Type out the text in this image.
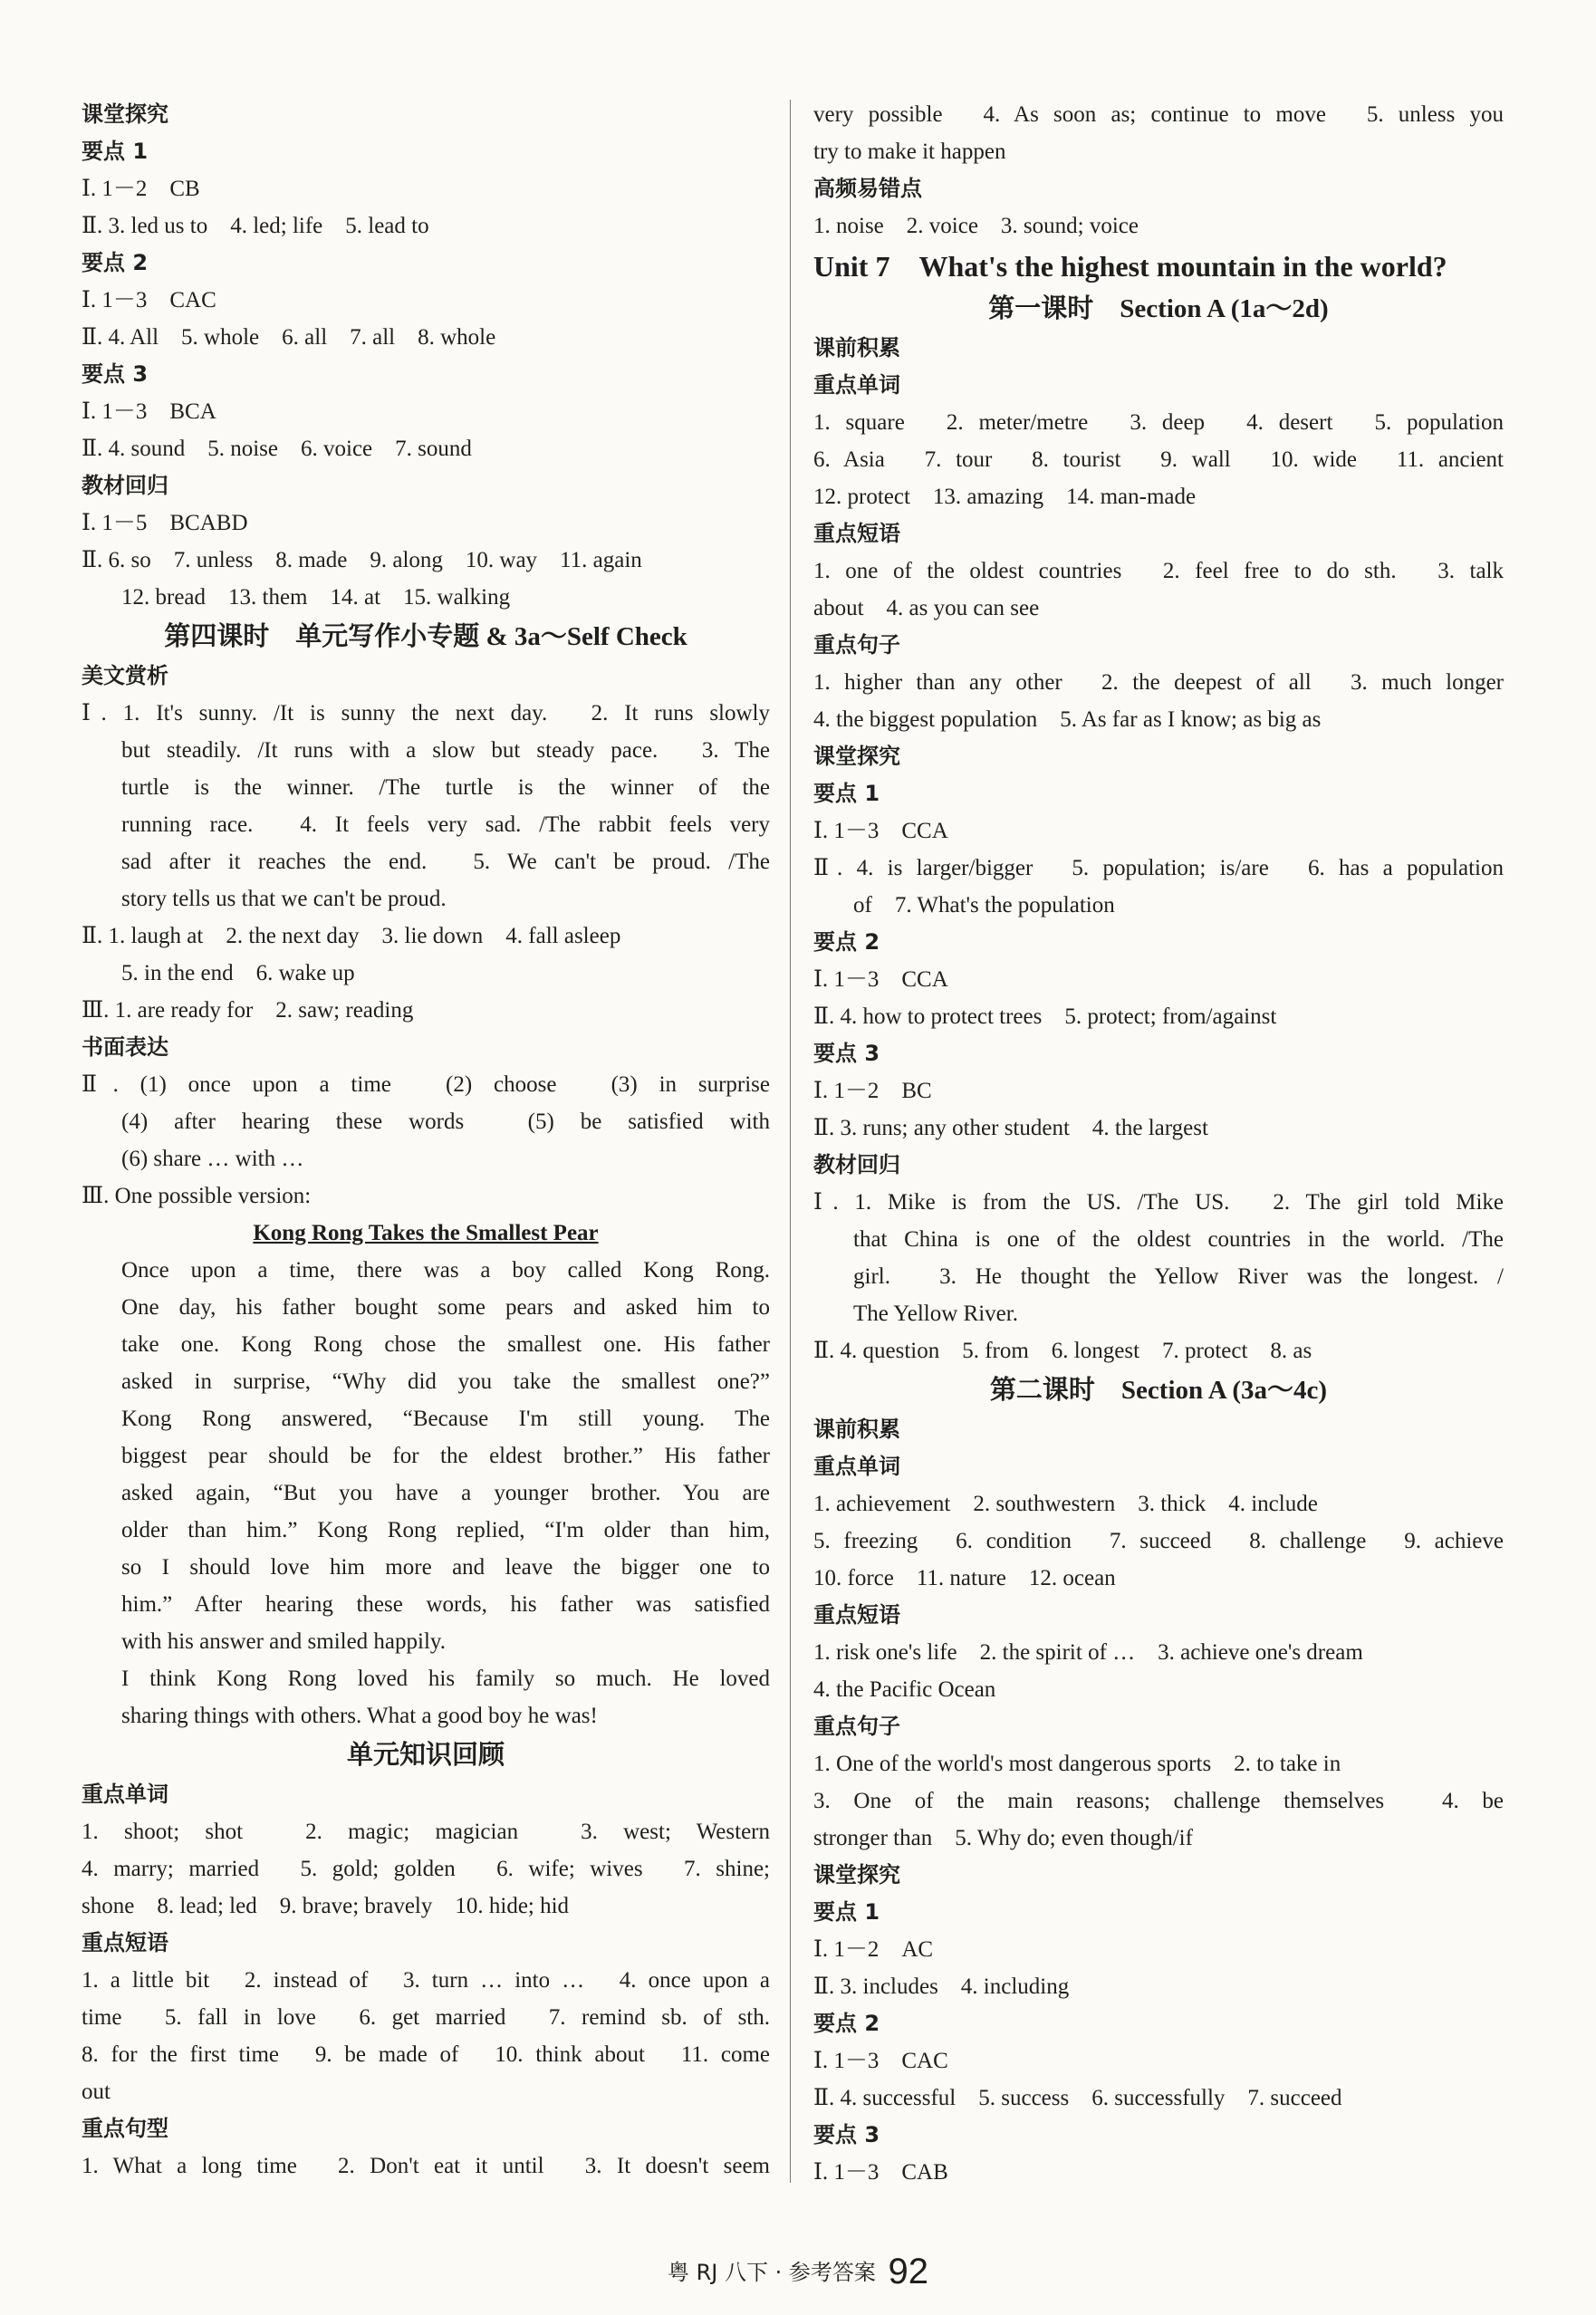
课堂探究
要点 1
Ⅰ. 1－2　CB
Ⅱ. 3. led us to　4. led; life　5. lead to
要点 2
Ⅰ. 1－3　CAC
Ⅱ. 4. All　5. whole　6. all　7. all　8. whole
要点 3
Ⅰ. 1－3　BCA
Ⅱ. 4. sound　5. noise　6. voice　7. sound
教材回归
Ⅰ. 1－5　BCABD
Ⅱ. 6. so　7. unless　8. made　9. along　10. way　11. again
12. bread　13. them　14. at　15. walking
第四课时　单元写作小专题 & 3a～Self Check
美文赏析
Ⅰ. 1. It's sunny. /It is sunny the next day.　2. It runs slowly
but steadily. /It runs with a slow but steady pace.　3. The
turtle is the winner. /The turtle is the winner of the
running race.　4. It feels very sad. /The rabbit feels very
sad after it reaches the end.　5. We can't be proud. /The
story tells us that we can't be proud.
Ⅱ. 1. laugh at　2. the next day　3. lie down　4. fall asleep
5. in the end　6. wake up
Ⅲ. 1. are ready for　2. saw; reading
书面表达
Ⅱ. (1) once upon a time　(2) choose　(3) in surprise
(4) after hearing these words　(5) be satisfied with
(6) share … with …
Ⅲ. One possible version:
Kong Rong Takes the Smallest Pear
Once upon a time, there was a boy called Kong Rong.
One day, his father bought some pears and asked him to
take one. Kong Rong chose the smallest one. His father
asked in surprise, “Why did you take the smallest one?”
Kong Rong answered, “Because I'm still young. The
biggest pear should be for the eldest brother.” His father
asked again, “But you have a younger brother. You are
older than him.” Kong Rong replied, “I'm older than him,
so I should love him more and leave the bigger one to
him.” After hearing these words, his father was satisfied
with his answer and smiled happily.
I think Kong Rong loved his family so much. He loved
sharing things with others. What a good boy he was!
单元知识回顾
重点单词
1. shoot; shot　2. magic; magician　3. west; Western
4. marry; married　5. gold; golden　6. wife; wives　7. shine;
shone　8. lead; led　9. brave; bravely　10. hide; hid
重点短语
1. a little bit　2. instead of　3. turn … into …　4. once upon a
time　5. fall in love　6. get married　7. remind sb. of sth.
8. for the first time　9. be made of　10. think about　11. come
out
重点句型
1. What a long time　2. Don't eat it until　3. It doesn't seem
very possible　4. As soon as; continue to move　5. unless you
try to make it happen
高频易错点
1. noise　2. voice　3. sound; voice
Unit 7　What's the highest mountain in the world?
第一课时　Section A (1a～2d)
课前积累
重点单词
1. square　2. meter/metre　3. deep　4. desert　5. population
6. Asia　7. tour　8. tourist　9. wall　10. wide　11. ancient
12. protect　13. amazing　14. man-made
重点短语
1. one of the oldest countries　2. feel free to do sth.　3. talk
about　4. as you can see
重点句子
1. higher than any other　2. the deepest of all　3. much longer
4. the biggest population　5. As far as I know; as big as
课堂探究
要点 1
Ⅰ. 1－3　CCA
Ⅱ. 4. is larger/bigger　5. population; is/are　6. has a population
of　7. What's the population
要点 2
Ⅰ. 1－3　CCA
Ⅱ. 4. how to protect trees　5. protect; from/against
要点 3
Ⅰ. 1－2　BC
Ⅱ. 3. runs; any other student　4. the largest
教材回归
Ⅰ. 1. Mike is from the US. /The US.　2. The girl told Mike
that China is one of the oldest countries in the world. /The
girl.　3. He thought the Yellow River was the longest. /
The Yellow River.
Ⅱ. 4. question　5. from　6. longest　7. protect　8. as
第二课时　Section A (3a～4c)
课前积累
重点单词
1. achievement　2. southwestern　3. thick　4. include
5. freezing　6. condition　7. succeed　8. challenge　9. achieve
10. force　11. nature　12. ocean
重点短语
1. risk one's life　2. the spirit of …　3. achieve one's dream
4. the Pacific Ocean
重点句子
1. One of the world's most dangerous sports　2. to take in
3. One of the main reasons; challenge themselves　4. be
stronger than　5. Why do; even though/if
课堂探究
要点 1
Ⅰ. 1－2　AC
Ⅱ. 3. includes　4. including
要点 2
Ⅰ. 1－3　CAC
Ⅱ. 4. successful　5. success　6. successfully　7. succeed
要点 3
Ⅰ. 1－3　CAB
粤 RJ 八下 · 参考答案 92
